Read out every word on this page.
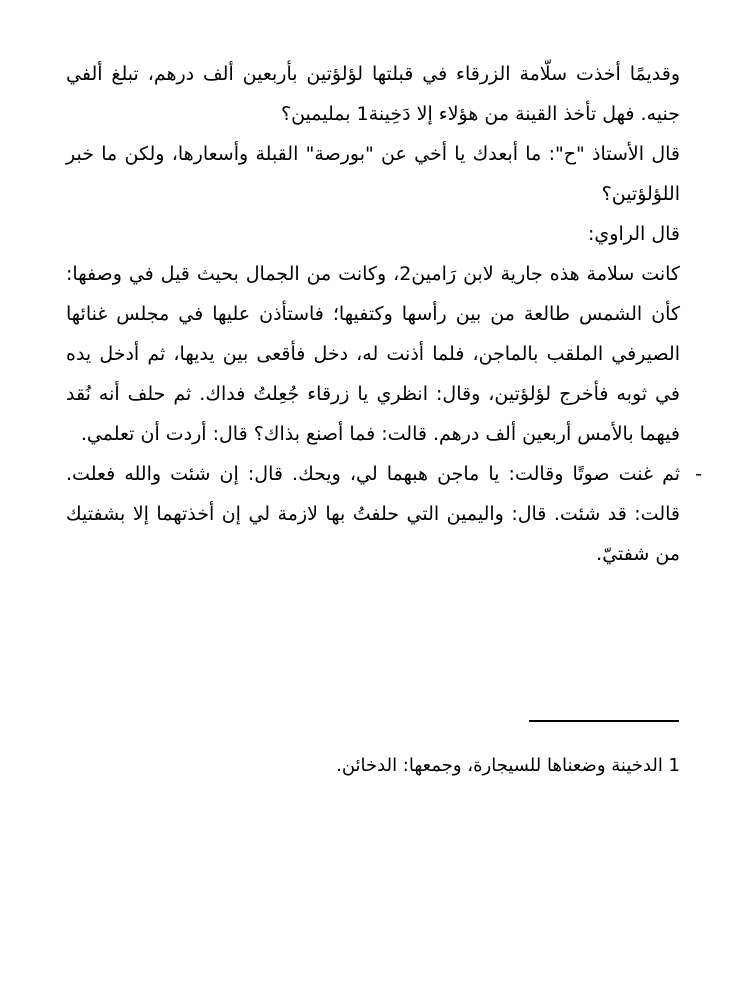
وقديمًا أخذت سلّامة الزرقاء في قبلتها لؤلؤتين بأربعين ألف درهم، تبلغ ألفي جنيه. فهل تأخذ القينة من هؤلاء إلا دَخِينة1 بمليمين؟

قال الأستاذ "ح": ما أبعدك يا أخي عن "بورصة" القبلة وأسعارها، ولكن ما خبر اللؤلؤتين؟

قال الراوي:

كانت سلامة هذه جارية لابن رَامين2، وكانت من الجمال بحيث قيل في وصفها: كأن الشمس طالعة من بين رأسها وكتفيها؛ فاستأذن عليها في مجلس غنائها الصيرفي الملقب بالماجن، فلما أذنت له، دخل فأقعى بين يديها، ثم أدخل يده في ثوبه فأخرج لؤلؤتين، وقال: انظري يا زرقاء جُعِلتُ فداك. ثم حلف أنه نُقد فيهما بالأمس أربعين ألف درهم. قالت: فما أصنع بذاك؟ قال: أردت أن تعلمي.

-
ثم غنت صوتًا وقالت: يا ماجن هبهما لي، ويحك. قال: إن شئت والله فعلت. قالت: قد شئت. قال: واليمين التي حلفتُ بها لازمة لي إن أخذتهما إلا بشفتيك من شفتيّ.
1 الدخينة وضعناها للسيجارة، وجمعها: الدخائن.
